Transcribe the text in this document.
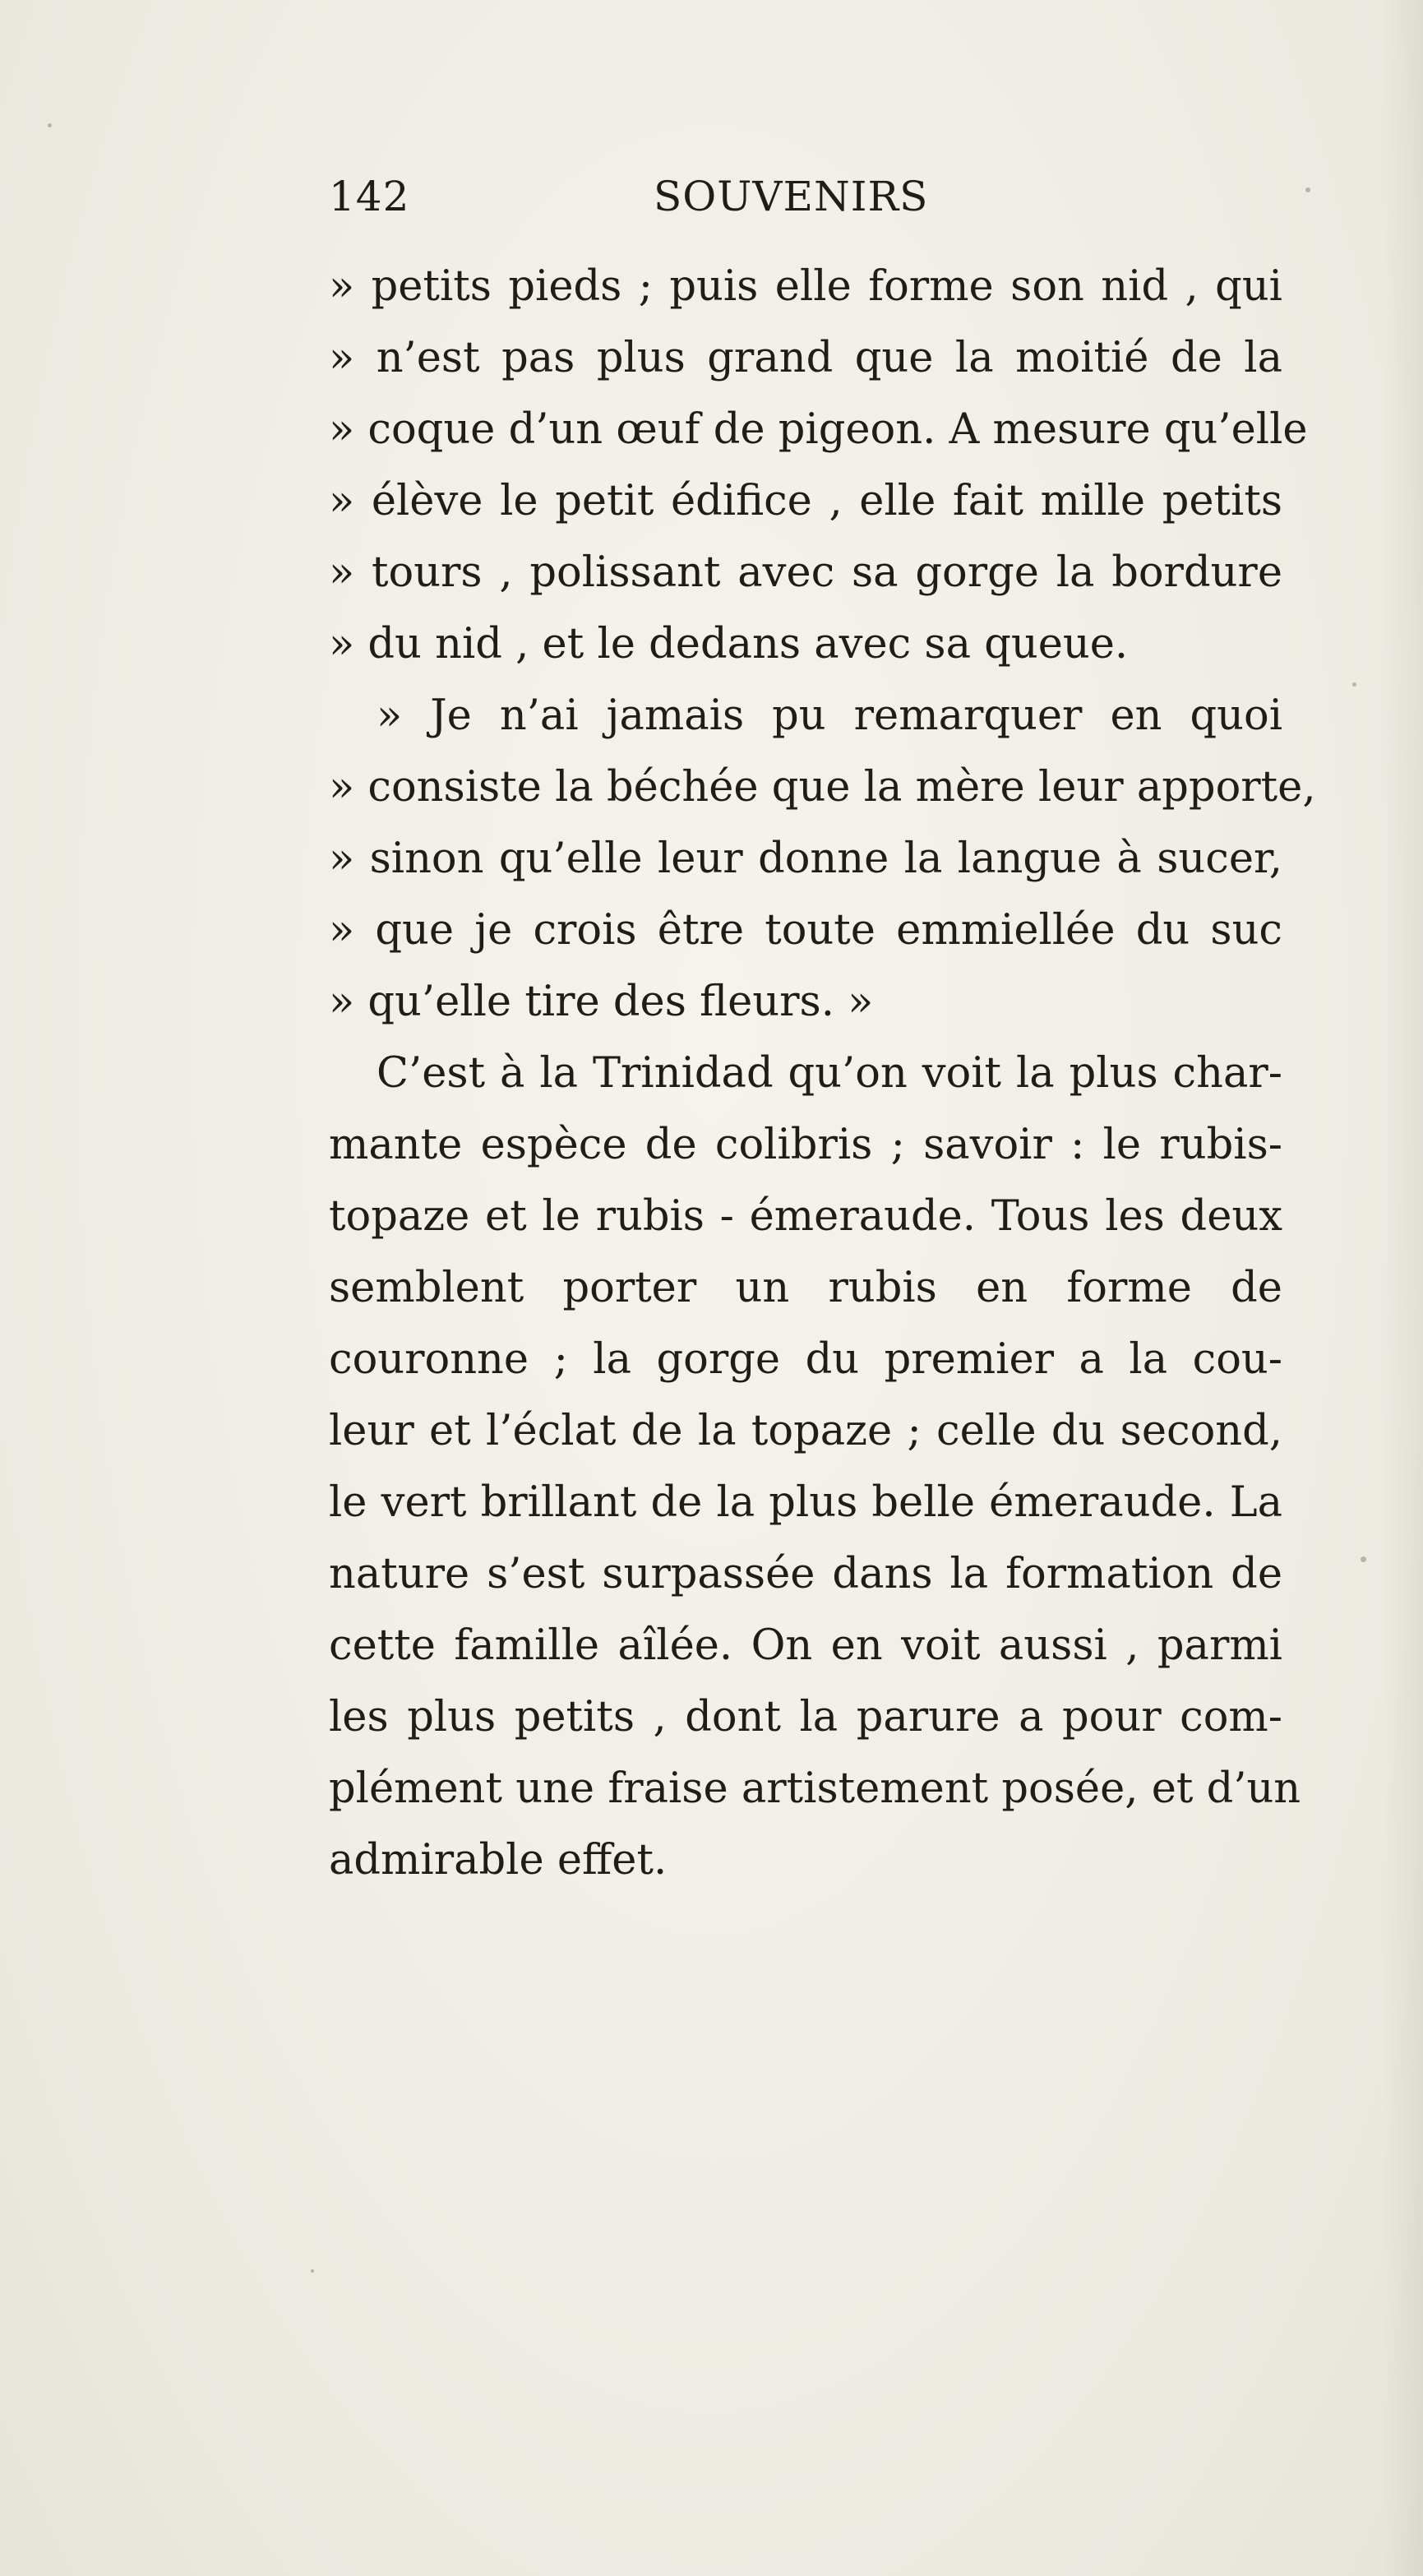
142	SOUVENIRS
» petits pieds ; puis elle forme son nid , qui
» n’est pas plus grand que la moitié de la
» coque d’un œuf de pigeon. A mesure qu’elle
» élève le petit édifice , elle fait mille petits
» tours , polissant avec sa gorge la bordure
» du nid , et le dedans avec sa queue.
» Je n’ai jamais pu remarquer en quoi
» consiste la béchée que la mère leur apporte,
» sinon qu’elle leur donne la langue à sucer,
» que je crois être toute emmiellée du suc
» qu’elle tire des fleurs. »
C’est à la Trinidad qu’on voit la plus char-
mante espèce de colibris ; savoir : le rubis-
topaze et le rubis - émeraude. Tous les deux
semblent porter un rubis en forme de
couronne ; la gorge du premier a la cou-
leur et l’éclat de la topaze ; celle du second,
le vert brillant de la plus belle émeraude. La
nature s’est surpassée dans la formation de
cette famille aîlée. On en voit aussi , parmi
les plus petits , dont la parure a pour com-
plément une fraise artistement posée, et d’un
admirable effet.
